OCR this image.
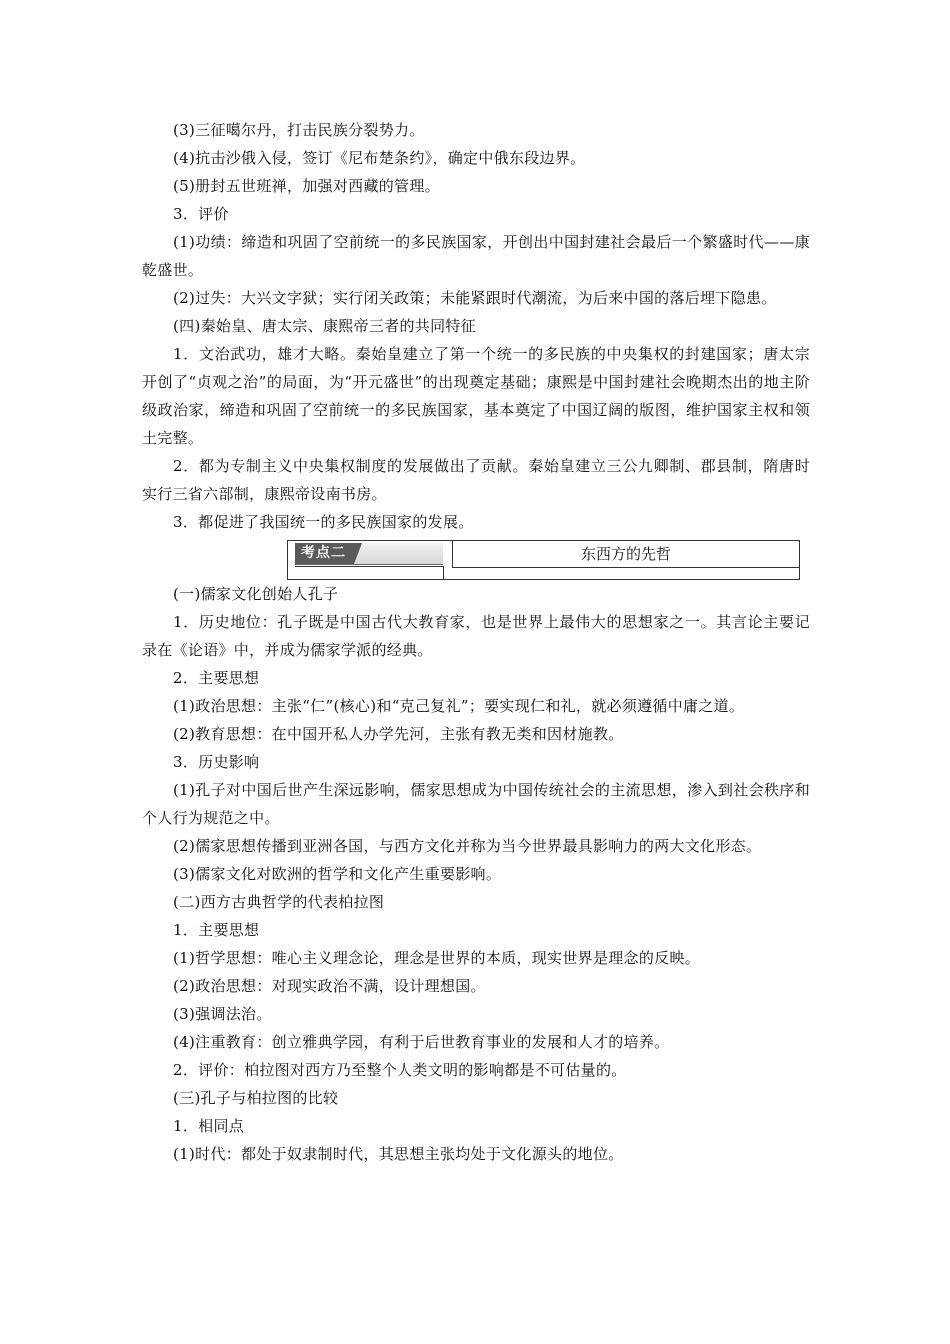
(3)三征噶尔丹，打击民族分裂势力。
(4)抗击沙俄入侵，签订《尼布楚条约》，确定中俄东段边界。
(5)册封五世班禅，加强对西藏的管理。
3．评价
(1)功绩：缔造和巩固了空前统一的多民族国家，开创出中国封建社会最后一个繁盛时代——康乾盛世。
(2)过失：大兴文字狱；实行闭关政策；未能紧跟时代潮流，为后来中国的落后埋下隐患。
(四)秦始皇、唐太宗、康熙帝三者的共同特征
1．文治武功，雄才大略。秦始皇建立了第一个统一的多民族的中央集权的封建国家；唐太宗开创了“贞观之治”的局面，为“开元盛世”的出现奠定基础；康熙是中国封建社会晚期杰出的地主阶级政治家，缔造和巩固了空前统一的多民族国家，基本奠定了中国辽阔的版图，维护国家主权和领土完整。
2．都为专制主义中央集权制度的发展做出了贡献。秦始皇建立三公九卿制、郡县制，隋唐时实行三省六部制，康熙帝设南书房。
3．都促进了我国统一的多民族国家的发展。
考点二	东西方的先哲
(一)儒家文化创始人孔子
1．历史地位：孔子既是中国古代大教育家，也是世界上最伟大的思想家之一。其言论主要记录在《论语》中，并成为儒家学派的经典。
2．主要思想
(1)政治思想：主张“仁”(核心)和“克己复礼”；要实现仁和礼，就必须遵循中庸之道。
(2)教育思想：在中国开私人办学先河，主张有教无类和因材施教。
3．历史影响
(1)孔子对中国后世产生深远影响，儒家思想成为中国传统社会的主流思想，渗入到社会秩序和个人行为规范之中。
(2)儒家思想传播到亚洲各国，与西方文化并称为当今世界最具影响力的两大文化形态。
(3)儒家文化对欧洲的哲学和文化产生重要影响。
(二)西方古典哲学的代表柏拉图
1．主要思想
(1)哲学思想：唯心主义理念论，理念是世界的本质，现实世界是理念的反映。
(2)政治思想：对现实政治不满，设计理想国。
(3)强调法治。
(4)注重教育：创立雅典学园，有利于后世教育事业的发展和人才的培养。
2．评价：柏拉图对西方乃至整个人类文明的影响都是不可估量的。
(三)孔子与柏拉图的比较
1．相同点
(1)时代：都处于奴隶制时代，其思想主张均处于文化源头的地位。
